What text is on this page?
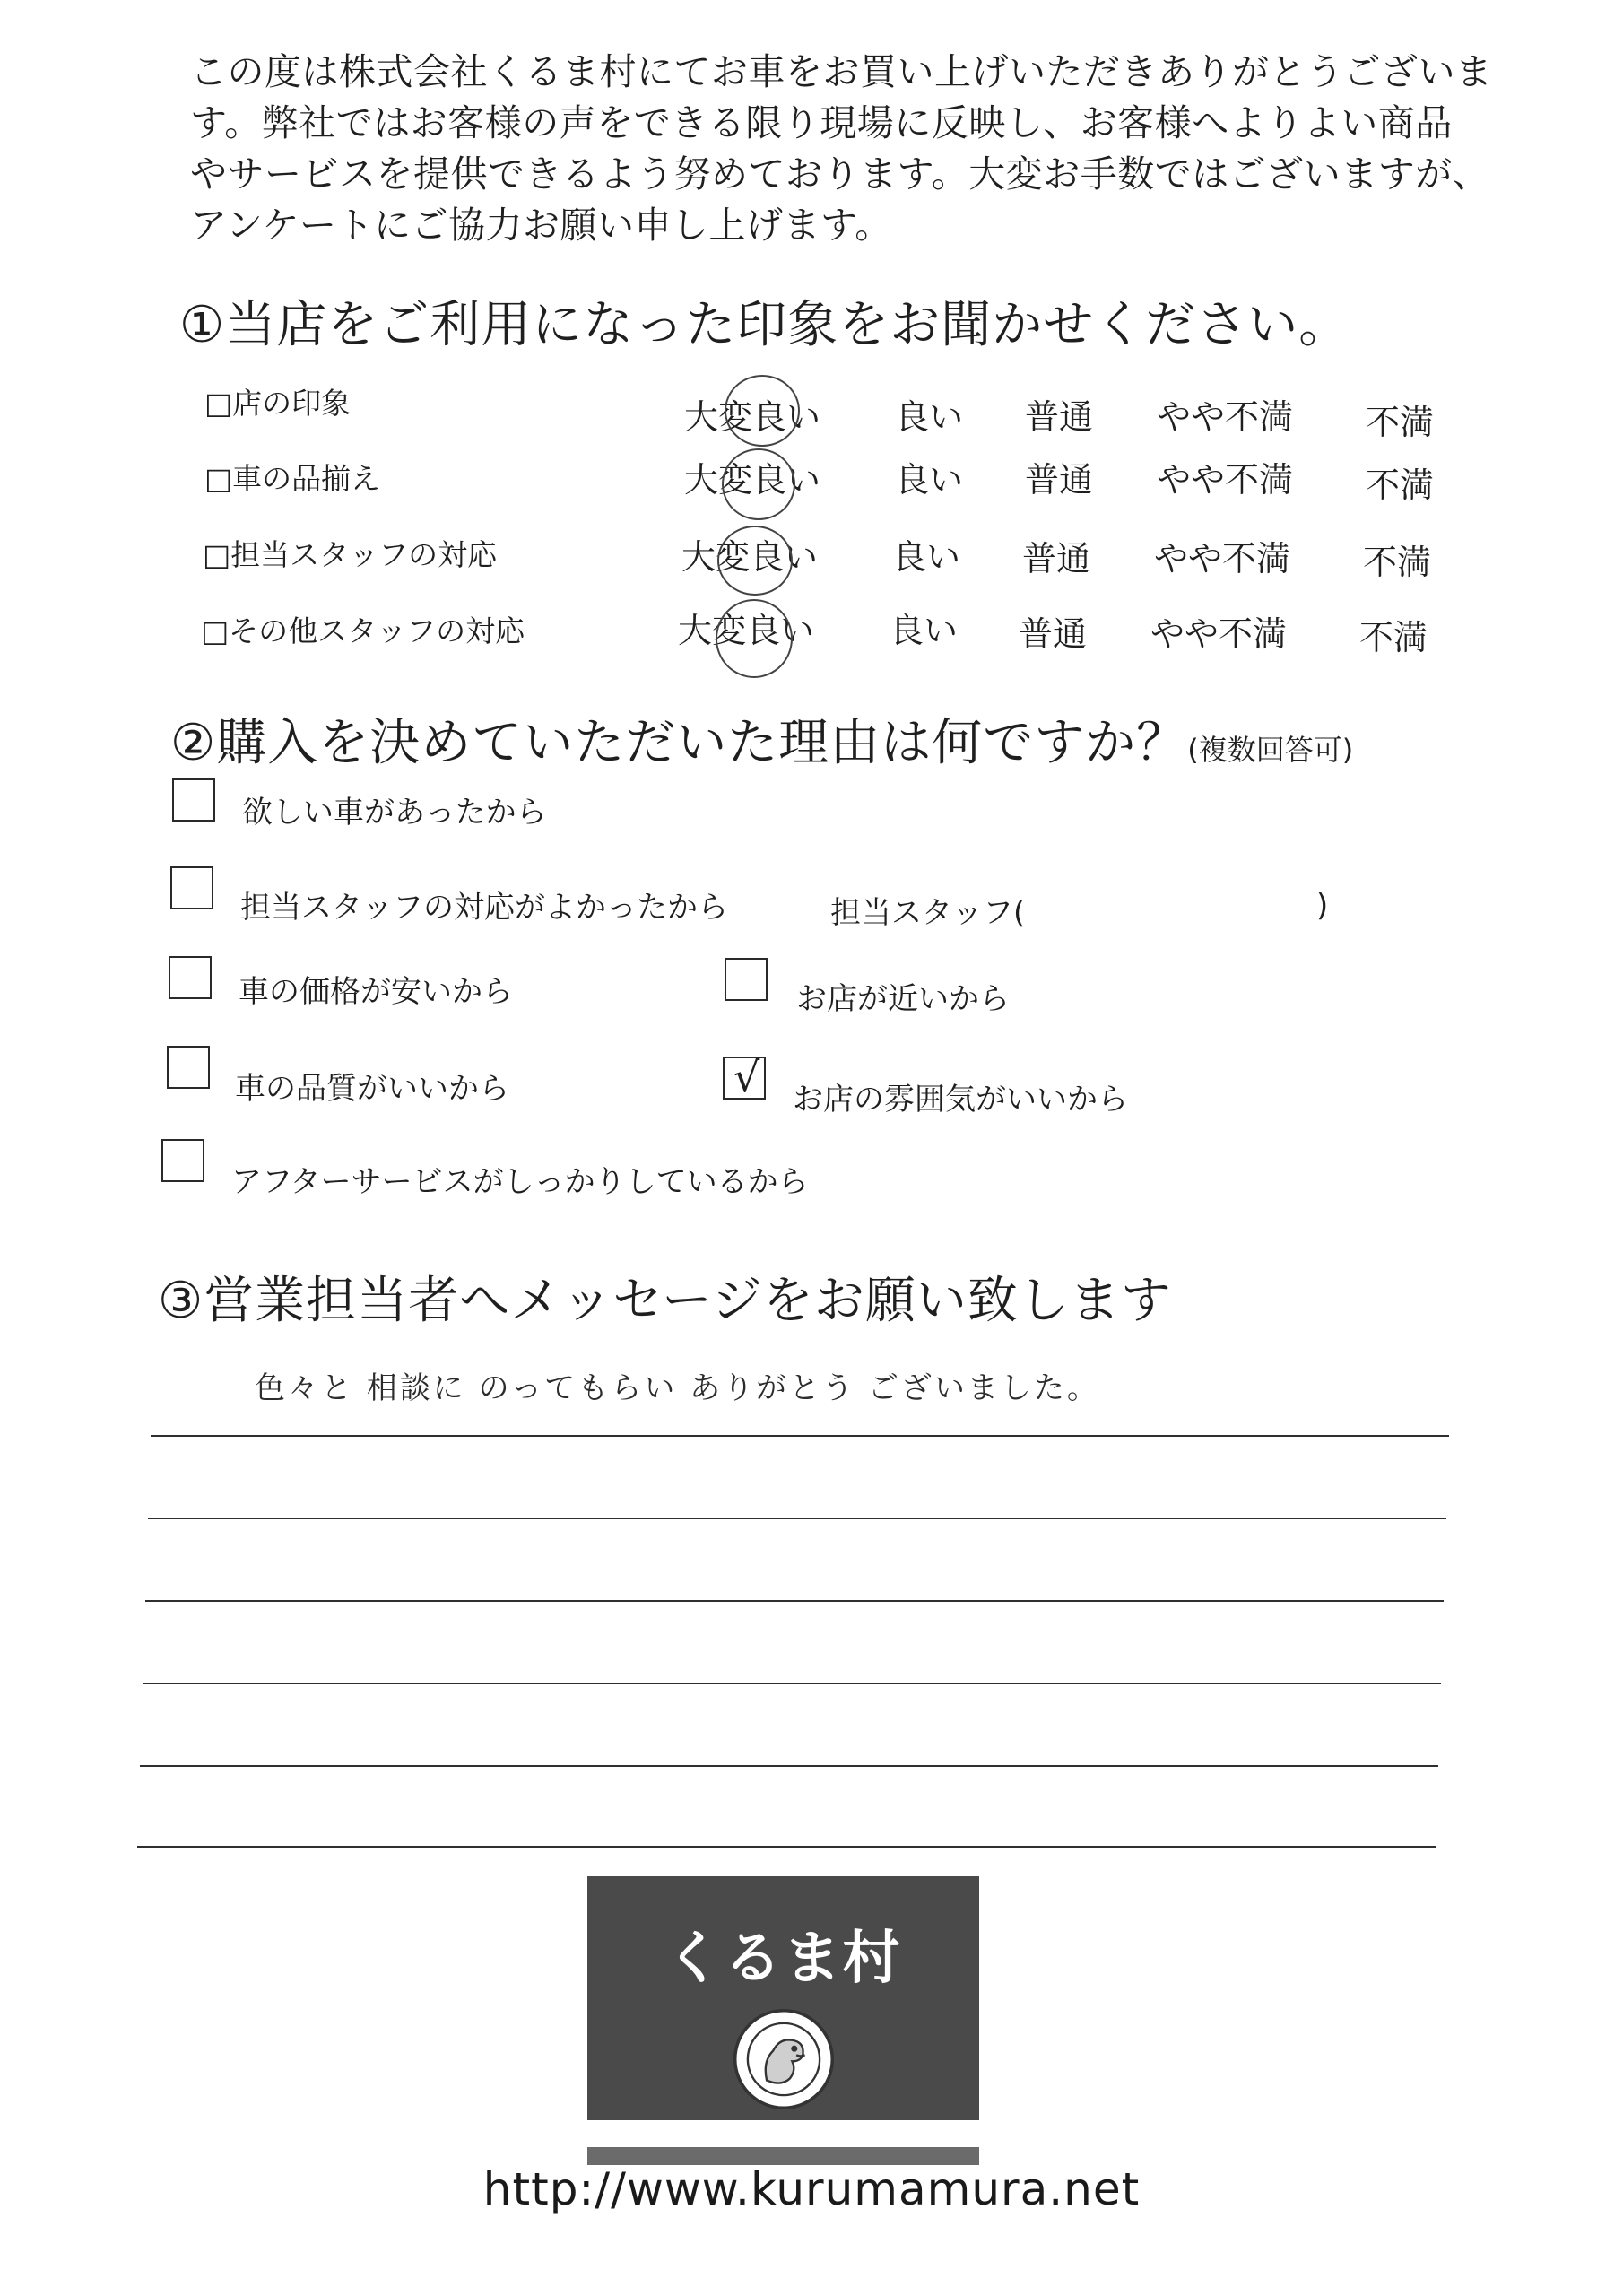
この度は株式会社くるま村にてお車をお買い上げいただきありがとうございま
す。弊社ではお客様の声をできる限り現場に反映し、お客様へよりよい商品
やサービスを提供できるよう努めております。大変お手数ではございますが、
アンケートにご協力お願い申し上げます。
①当店をご利用になった印象をお聞かせください。
□店の印象	大変良い 良い 普通 やや不満 不満
□車の品揃え	大変良い 良い 普通 やや不満 不満
□担当スタッフの対応	大変良い 良い 普通 やや不満 不満
□その他スタッフの対応	大変良い 良い 普通 やや不満 不満
②購入を決めていただいた理由は何ですか？(複数回答可)
欲しい車があったから
担当スタッフの対応がよかったから	担当スタッフ(	)
車の価格が安いから	お店が近いから
車の品質がいいから	√ お店の雰囲気がいいから
アフターサービスがしっかりしているから
③営業担当者へメッセージをお願い致します
色々と 相談に のってもらい ありがとう ございました。
くるま村
http://www.kurumamura.net
